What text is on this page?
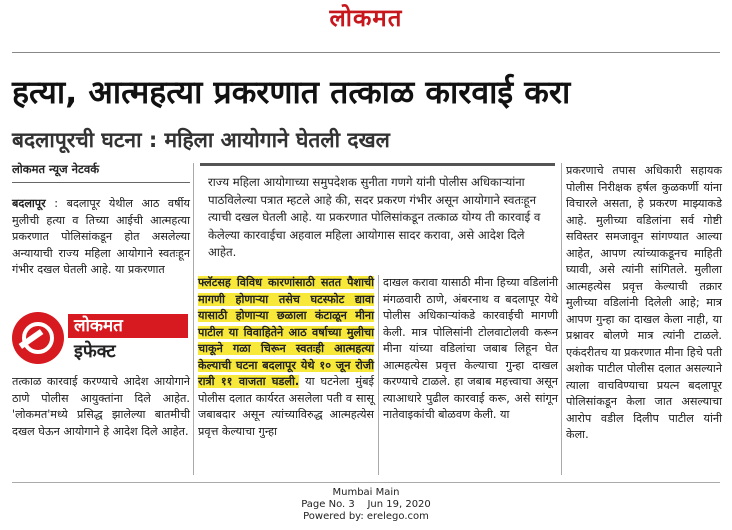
लोकमत
हत्या, आत्महत्या प्रकरणात तत्काळ कारवाई करा
बदलापूरची घटना : महिला आयोगाने घेतली दखल
लोकमत न्यूज नेटवर्क
बदलापूर : बदलापूर येथील आठ वर्षीय मुलीची हत्या व तिच्या आईची आत्महत्या प्रकरणात पोलिसांकडून होत असलेल्या अन्यायाची राज्य महिला आयोगाने स्वतःहून गंभीर दखल घेतली आहे. या प्रकरणात
लोकमत
इफेक्ट
तत्काळ कारवाई करण्याचे आदेश आयोगाने ठाणे पोलीस आयुक्तांना दिले आहेत. 'लोकमत'मध्ये प्रसिद्ध झालेल्या बातमीची दखल घेऊन आयोगाने हे आदेश दिले आहेत.
राज्य महिला आयोगाच्या समुपदेशक सुनीता गणगे यांनी पोलीस अधिकाऱ्यांना पाठविलेल्या पत्रात म्हटले आहे की, सदर प्रकरण गंभीर असून आयोगाने स्वतःहून त्याची दखल घेतली आहे. या प्रकरणात पोलिसांकडून तत्काळ योग्य ती कारवाई व केलेल्या कारवाईचा अहवाल महिला आयोगास सादर करावा, असे आदेश दिले आहेत.
फ्लॅटसह विविध कारणांसाठी सतत पैशाची मागणी होणाऱ्या तसेच घटस्फोट द्यावा यासाठी होणाऱ्या छळाला कंटाळून मीना पाटील या विवाहितेने आठ वर्षाच्या मुलीचा चाकूने गळा चिरून स्वतःही आत्महत्या केल्याची घटना बदलापूर येथे १० जून रोजी रात्री ११ वाजता घडली. या घटनेला मुंबई पोलीस दलात कार्यरत असलेला पती व सासू जबाबदार असून त्यांच्याविरुद्ध आत्महत्येस प्रवृत्त केल्याचा गुन्हा
दाखल करावा यासाठी मीना हिच्या वडिलांनी मंगळवारी ठाणे, अंबरनाथ व बदलापूर येथे पोलीस अधिकाऱ्यांकडे कारवाईची मागणी केली. मात्र पोलिसांनी टोलवाटोलवी करून मीना यांच्या वडिलांचा जबाब लिहून घेत आत्महत्येस प्रवृत्त केल्याचा गुन्हा दाखल करण्याचे टाळले. हा जबाब महत्त्वाचा असून त्याआधारे पुढील कारवाई करू, असे सांगून नातेवाइकांची बोळवण केली. या
प्रकरणाचे तपास अधिकारी सहायक पोलीस निरीक्षक हर्षल कुळकर्णी यांना विचारले असता, हे प्रकरण माझ्याकडे आहे. मुलीच्या वडिलांना सर्व गोष्टी सविस्तर समजावून सांगण्यात आल्या आहेत, आपण त्यांच्याकडूनच माहिती घ्यावी, असे त्यांनी सांगितले. मुलीला आत्महत्येस प्रवृत्त केल्याची तक्रार मुलीच्या वडिलांनी दिलेली आहे; मात्र आपण गुन्हा का दाखल केला नाही, या प्रश्नावर बोलणे मात्र त्यांनी टाळले. एकंदरीतच या प्रकरणात मीना हिचे पती अशोक पाटील पोलीस दलात असल्याने त्याला वाचविण्याचा प्रयत्न बदलापूर पोलिसांकडून केला जात असल्याचा आरोप वडील दिलीप पाटील यांनी केला.
Mumbai Main
Page No. 3    Jun 19, 2020
Powered by: erelego.com
